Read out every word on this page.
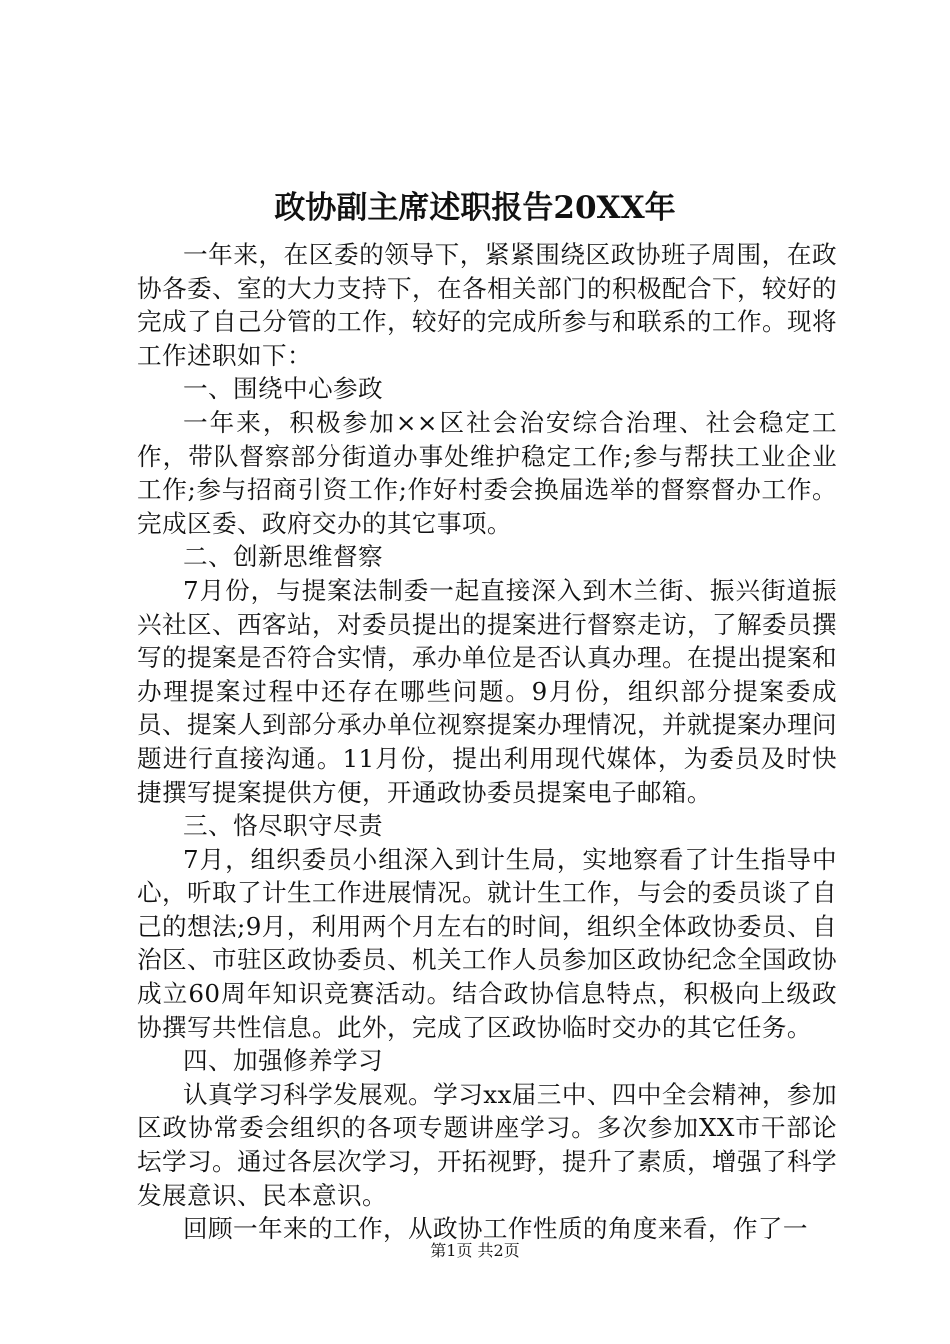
政协副主席述职报告20XX年

一年来，在区委的领导下，紧紧围绕区政协班子周围，在政协各委、室的大力支持下，在各相关部门的积极配合下，较好的完成了自己分管的工作，较好的完成所参与和联系的工作。现将工作述职如下：

一、围绕中心参政

一年来，积极参加××区社会治安综合治理、社会稳定工作，带队督察部分街道办事处维护稳定工作;参与帮扶工业企业工作;参与招商引资工作;作好村委会换届选举的督察督办工作。完成区委、政府交办的其它事项。

二、创新思维督察

7月份，与提案法制委一起直接深入到木兰街、振兴街道振兴社区、西客站，对委员提出的提案进行督察走访，了解委员撰写的提案是否符合实情，承办单位是否认真办理。在提出提案和办理提案过程中还存在哪些问题。9月份，组织部分提案委成员、提案人到部分承办单位视察提案办理情况，并就提案办理问题进行直接沟通。11月份，提出利用现代媒体，为委员及时快捷撰写提案提供方便，开通政协委员提案电子邮箱。

三、恪尽职守尽责

7月，组织委员小组深入到计生局，实地察看了计生指导中心，听取了计生工作进展情况。就计生工作，与会的委员谈了自己的想法;9月，利用两个月左右的时间，组织全体政协委员、自治区、市驻区政协委员、机关工作人员参加区政协纪念全国政协成立60周年知识竞赛活动。结合政协信息特点，积极向上级政协撰写共性信息。此外，完成了区政协临时交办的其它任务。

四、加强修养学习

认真学习科学发展观。学习xx届三中、四中全会精神，参加区政协常委会组织的各项专题讲座学习。多次参加XX市干部论坛学习。通过各层次学习，开拓视野，提升了素质，增强了科学发展意识、民本意识。

回顾一年来的工作，从政协工作性质的角度来看，作了一

第1页 共2页
